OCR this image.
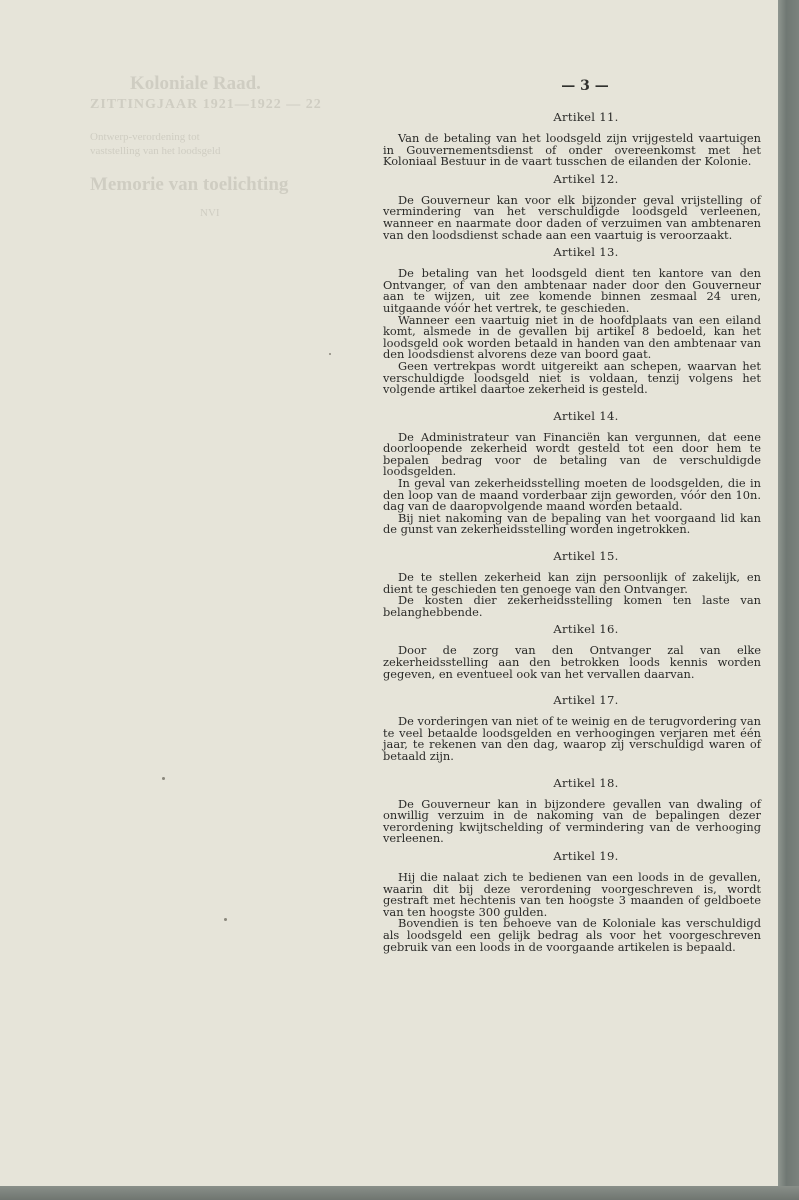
Koloniale Raad.
ZITTINGJAAR 1921—1922 — 22
Ontwerp-verordening tot
vaststelling van het loodsgeld
Memorie van toelichting
NVI
— 3 —
Artikel 11.

Van de betaling van het loodsgeld zijn vrijgesteld vaartuigen in Gouvernementsdienst of onder overeenkomst met het Koloniaal Bestuur in de vaart tusschen de eilanden der Kolonie.

Artikel 12.

De Gouverneur kan voor elk bijzonder geval vrijstelling of vermindering van het verschuldigde loodsgeld verleenen, wanneer en naarmate door daden of verzuimen van ambtenaren van den loodsdienst schade aan een vaartuig is veroorzaakt.

Artikel 13.

De betaling van het loodsgeld dient ten kantore van den Ontvanger, of van den ambtenaar nader door den Gouverneur aan te wijzen, uit zee komende binnen zesmaal 24 uren, uitgaande vóór het vertrek, te geschieden.

Wanneer een vaartuig niet in de hoofdplaats van een eiland komt, alsmede in de gevallen bij artikel 8 bedoeld, kan het loodsgeld ook worden betaald in handen van den ambtenaar van den loodsdienst alvorens deze van boord gaat.

Geen vertrekpas wordt uitgereikt aan schepen, waarvan het verschuldigde loodsgeld niet is voldaan, tenzij volgens het volgende artikel daartoe zekerheid is gesteld.

Artikel 14.

De Administrateur van Financiën kan vergunnen, dat eene doorloopende zekerheid wordt gesteld tot een door hem te bepalen bedrag voor de betaling van de verschuldigde loodsgelden.

In geval van zekerheidsstelling moeten de loodsgelden, die in den loop van de maand vorderbaar zijn geworden, vóór den 10n. dag van de daaropvolgende maand worden betaald.

Bij niet nakoming van de bepaling van het voorgaand lid kan de gunst van zekerheidsstelling worden ingetrokken.

Artikel 15.

De te stellen zekerheid kan zijn persoonlijk of zakelijk, en dient te geschieden ten genoege van den Ontvanger.

De kosten dier zekerheidsstelling komen ten laste van belanghebbende.

Artikel 16.

Door de zorg van den Ontvanger zal van elke zekerheidsstelling aan den betrokken loods kennis worden gegeven, en eventueel ook van het vervallen daarvan.

Artikel 17.

De vorderingen van niet of te weinig en de terugvordering van te veel betaalde loodsgelden en verhoogingen verjaren met één jaar, te rekenen van den dag, waarop zij verschuldigd waren of betaald zijn.

Artikel 18.

De Gouverneur kan in bijzondere gevallen van dwaling of onwillig verzuim in de nakoming van de bepalingen dezer verordening kwijtschelding of vermindering van de verhooging verleenen.

Artikel 19.

Hij die nalaat zich te bedienen van een loods in de gevallen, waarin dit bij deze verordening voorgeschreven is, wordt gestraft met hechtenis van ten hoogste 3 maanden of geldboete van ten hoogste 300 gulden.

Bovendien is ten behoeve van de Koloniale kas verschuldigd als loodsgeld een gelijk bedrag als voor het voorgeschreven gebruik van een loods in de voorgaande artikelen is bepaald.
